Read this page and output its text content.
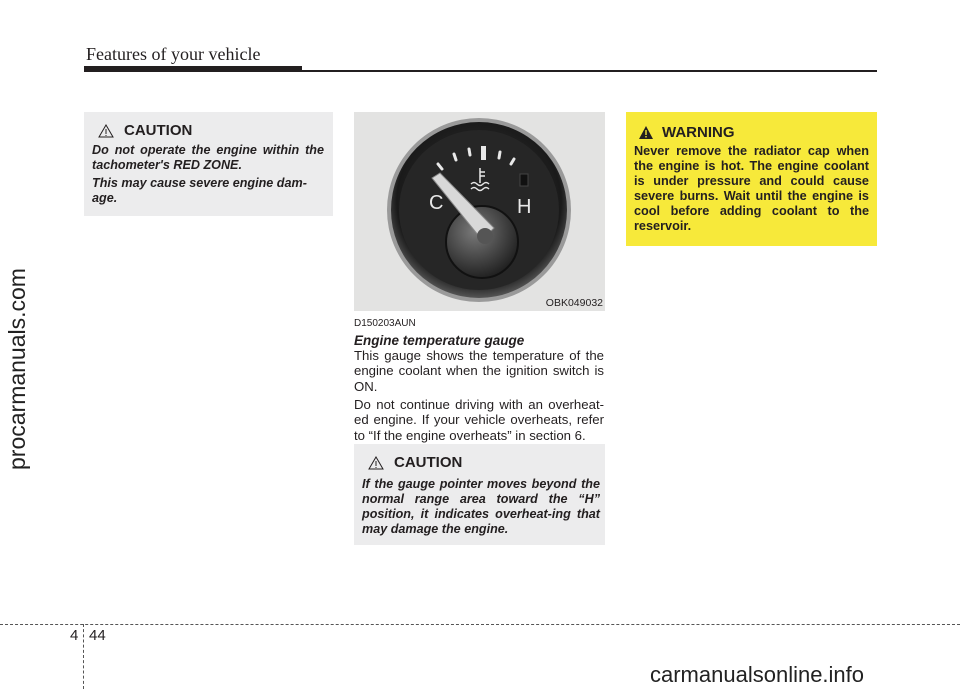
Features of your vehicle
procarmanuals.com
carmanualsonline.info
CAUTION
Do not operate the engine within the tachometer's RED ZONE.
This may cause severe engine dam-age.	C	H
OBK049032
D150203AUN
Engine temperature gauge
This gauge shows the temperature of the engine coolant when the ignition switch is ON.
Do not continue driving with an overheat-ed engine. If your vehicle overheats, refer to “If the engine overheats” in section 6.
CAUTION
If the gauge pointer moves beyond the normal range area toward the “H” position, it indicates overheat-ing that may damage the engine.
WARNING
Never remove the radiator cap when the engine is hot. The engine coolant is under pressure and could cause severe burns. Wait until the engine is cool before adding coolant to the reservoir.
4 44
